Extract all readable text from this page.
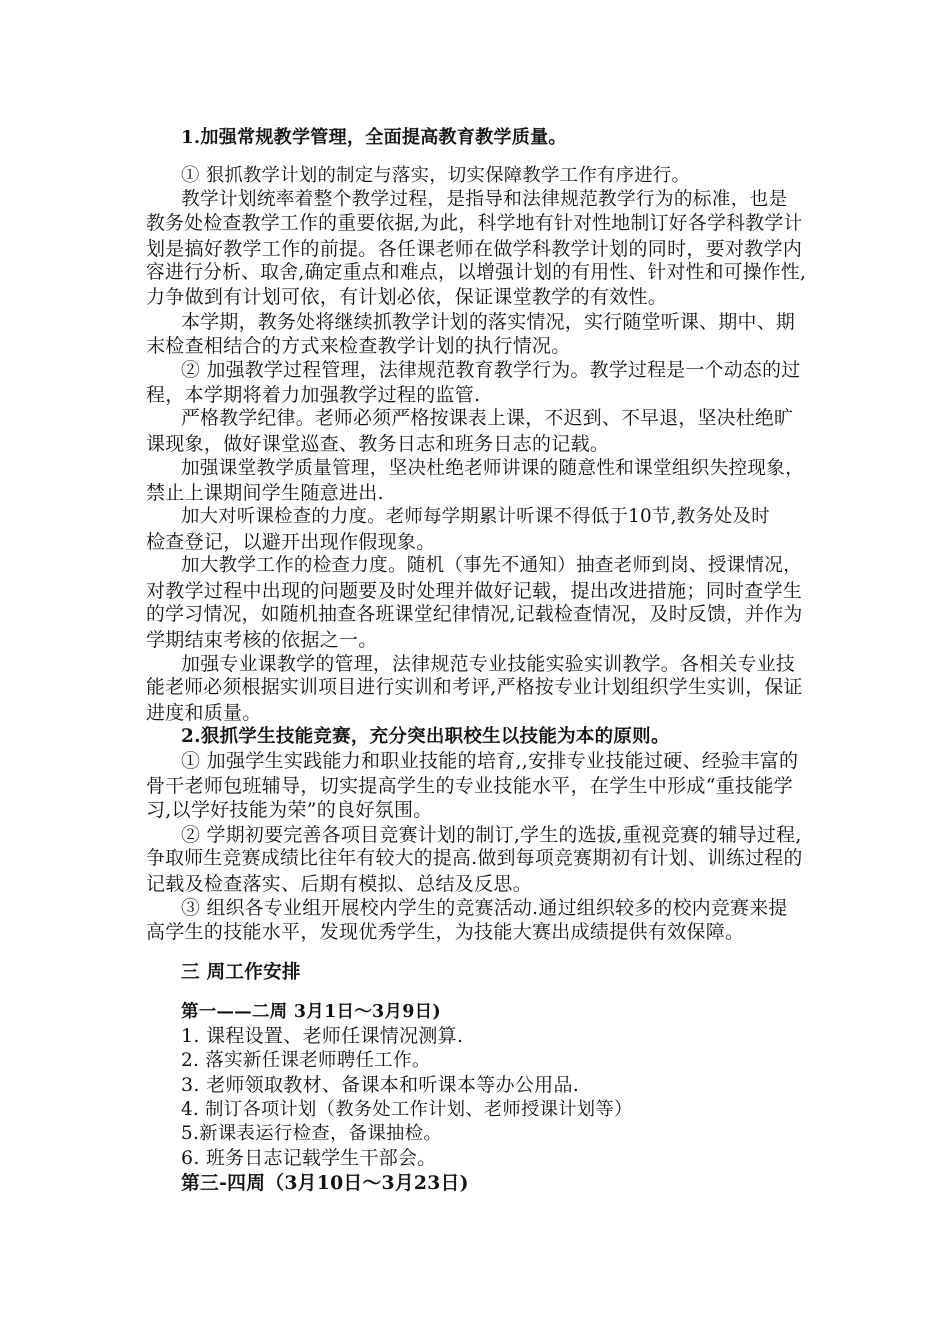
1.加强常规教学管理，全面提高教育教学质量。
① 狠抓教学计划的制定与落实，切实保障教学工作有序进行。
教学计划统率着整个教学过程，是指导和法律规范教学行为的标准，也是
教务处检查教学工作的重要依据,为此，科学地有针对性地制订好各学科教学计
划是搞好教学工作的前提。各任课老师在做学科教学计划的同时，要对教学内
容进行分析、取舍,确定重点和难点，以增强计划的有用性、针对性和可操作性,
力争做到有计划可依，有计划必依，保证课堂教学的有效性。
本学期，教务处将继续抓教学计划的落实情况，实行随堂听课、期中、期
末检查相结合的方式来检查教学计划的执行情况。
② 加强教学过程管理，法律规范教育教学行为。教学过程是一个动态的过
程，本学期将着力加强教学过程的监管.
严格教学纪律。老师必须严格按课表上课，不迟到、不早退，坚决杜绝旷
课现象，做好课堂巡查、教务日志和班务日志的记载。
加强课堂教学质量管理，坚决杜绝老师讲课的随意性和课堂组织失控现象，
禁止上课期间学生随意进出.
加大对听课检查的力度。老师每学期累计听课不得低于10节,教务处及时
检查登记，以避开出现作假现象。
加大教学工作的检查力度。随机（事先不通知）抽查老师到岗、授课情况，
对教学过程中出现的问题要及时处理并做好记载，提出改进措施；同时查学生
的学习情况，如随机抽查各班课堂纪律情况,记载检查情况，及时反馈，并作为
学期结束考核的依据之一。
加强专业课教学的管理，法律规范专业技能实验实训教学。各相关专业技
能老师必须根据实训项目进行实训和考评,严格按专业计划组织学生实训，保证
进度和质量。
2.狠抓学生技能竞赛，充分突出职校生以技能为本的原则。
① 加强学生实践能力和职业技能的培育,,安排专业技能过硬、经验丰富的
骨干老师包班辅导，切实提高学生的专业技能水平，在学生中形成“重技能学
习,以学好技能为荣”的良好氛围。
② 学期初要完善各项目竞赛计划的制订,学生的选拔,重视竞赛的辅导过程,
争取师生竞赛成绩比往年有较大的提高.做到每项竞赛期初有计划、训练过程的
记载及检查落实、后期有模拟、总结及反思。
③ 组织各专业组开展校内学生的竞赛活动.通过组织较多的校内竞赛来提
高学生的技能水平，发现优秀学生，为技能大赛出成绩提供有效保障。
三 周工作安排
第一——二周 3月1日～3月9日)
1. 课程设置、老师任课情况测算.
2. 落实新任课老师聘任工作。
3. 老师领取教材、备课本和听课本等办公用品.
4. 制订各项计划（教务处工作计划、老师授课计划等）
5.新课表运行检查，备课抽检。
6. 班务日志记载学生干部会。
第三-四周（3月10日～3月23日)
